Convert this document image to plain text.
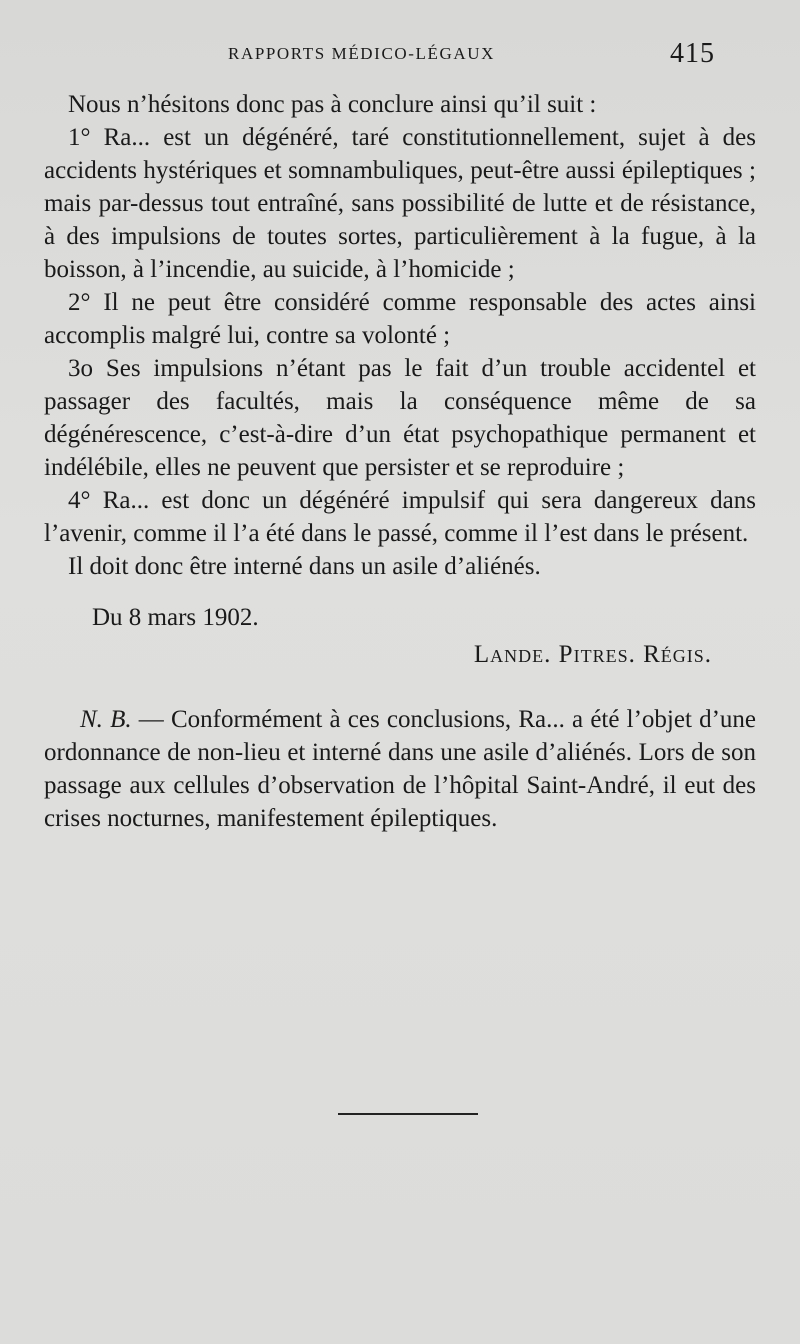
RAPPORTS MÉDICO-LÉGAUX	415

Nous n’hésitons donc pas à conclure ainsi qu’il suit :

1° Ra... est un dégénéré, taré constitutionnellement, sujet à des accidents hystériques et somnambuliques, peut-être aussi épileptiques ; mais par-dessus tout entraîné, sans possibilité de lutte et de résistance, à des impulsions de toutes sortes, particulièrement à la fugue, à la boisson, à l’incendie, au suicide, à l’homicide ;

2° Il ne peut être considéré comme responsable des actes ainsi accomplis malgré lui, contre sa volonté ;

3o Ses impulsions n’étant pas le fait d’un trouble accidentel et passager des facultés, mais la conséquence même de sa dégénérescence, c’est-à-dire d’un état psychopathique permanent et indélébile, elles ne peuvent que persister et se reproduire ;

4° Ra... est donc un dégénéré impulsif qui sera dangereux dans l’avenir, comme il l’a été dans le passé, comme il l’est dans le présent.

Il doit donc être interné dans un asile d’aliénés.

Du 8 mars 1902.

Lande. Pitres. Régis.

N. B. — Conformément à ces conclusions, Ra... a été l’objet d’une ordonnance de non-lieu et interné dans une asile d’aliénés. Lors de son passage aux cellules d’observation de l’hôpital Saint-André, il eut des crises nocturnes, manifestement épileptiques.
